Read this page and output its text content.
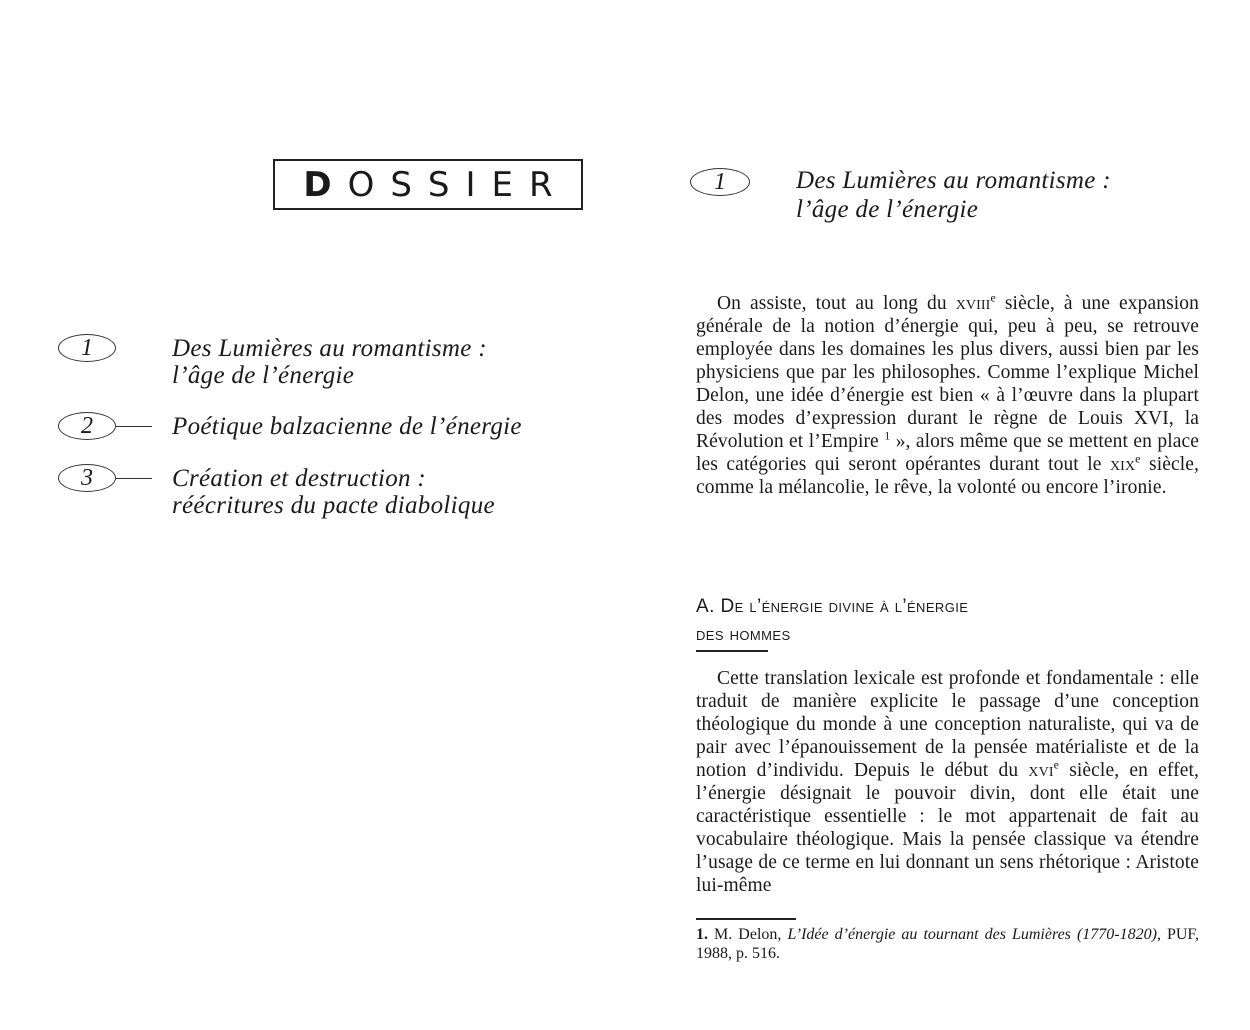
D OSSIER
1	Des Lumières au romantisme :
l’âge de l’énergie
2	Poétique balzacienne de l’énergie
3	Création et destruction :
réécritures du pacte diabolique
1	Des Lumières au romantisme :
l’âge de l’énergie

On assiste, tout au long du xviii$^e$ siècle, à une expansion générale de la notion d’énergie qui, peu à peu, se retrouve employée dans les domaines les plus divers, aussi bien par les physiciens que par les philosophes. Comme l’explique Michel Delon, une idée d’énergie est bien « à l’œuvre dans la plupart des modes d’expression durant le règne de Louis XVI, la Révolution et l’Empire $^1$ », alors même que se mettent en place les catégories qui seront opérantes durant tout le xix$^e$ siècle, comme la mélancolie, le rêve, la volonté ou encore l’ironie.

A. De l’énergie divine à l’énergie
des hommes

Cette translation lexicale est profonde et fondamentale : elle traduit de manière explicite le passage d’une conception théologique du monde à une conception naturaliste, qui va de pair avec l’épanouissement de la pensée matérialiste et de la notion d’individu. Depuis le début du xvi$^e$ siècle, en effet, l’énergie désignait le pouvoir divin, dont elle était une caractéristique essentielle : le mot appartenait de fait au vocabulaire théologique. Mais la pensée classique va étendre l’usage de ce terme en lui donnant un sens rhétorique : Aristote lui-même

1. M. Delon, L’Idée d’énergie au tournant des Lumières (1770-1820), PUF, 1988, p. 516.
